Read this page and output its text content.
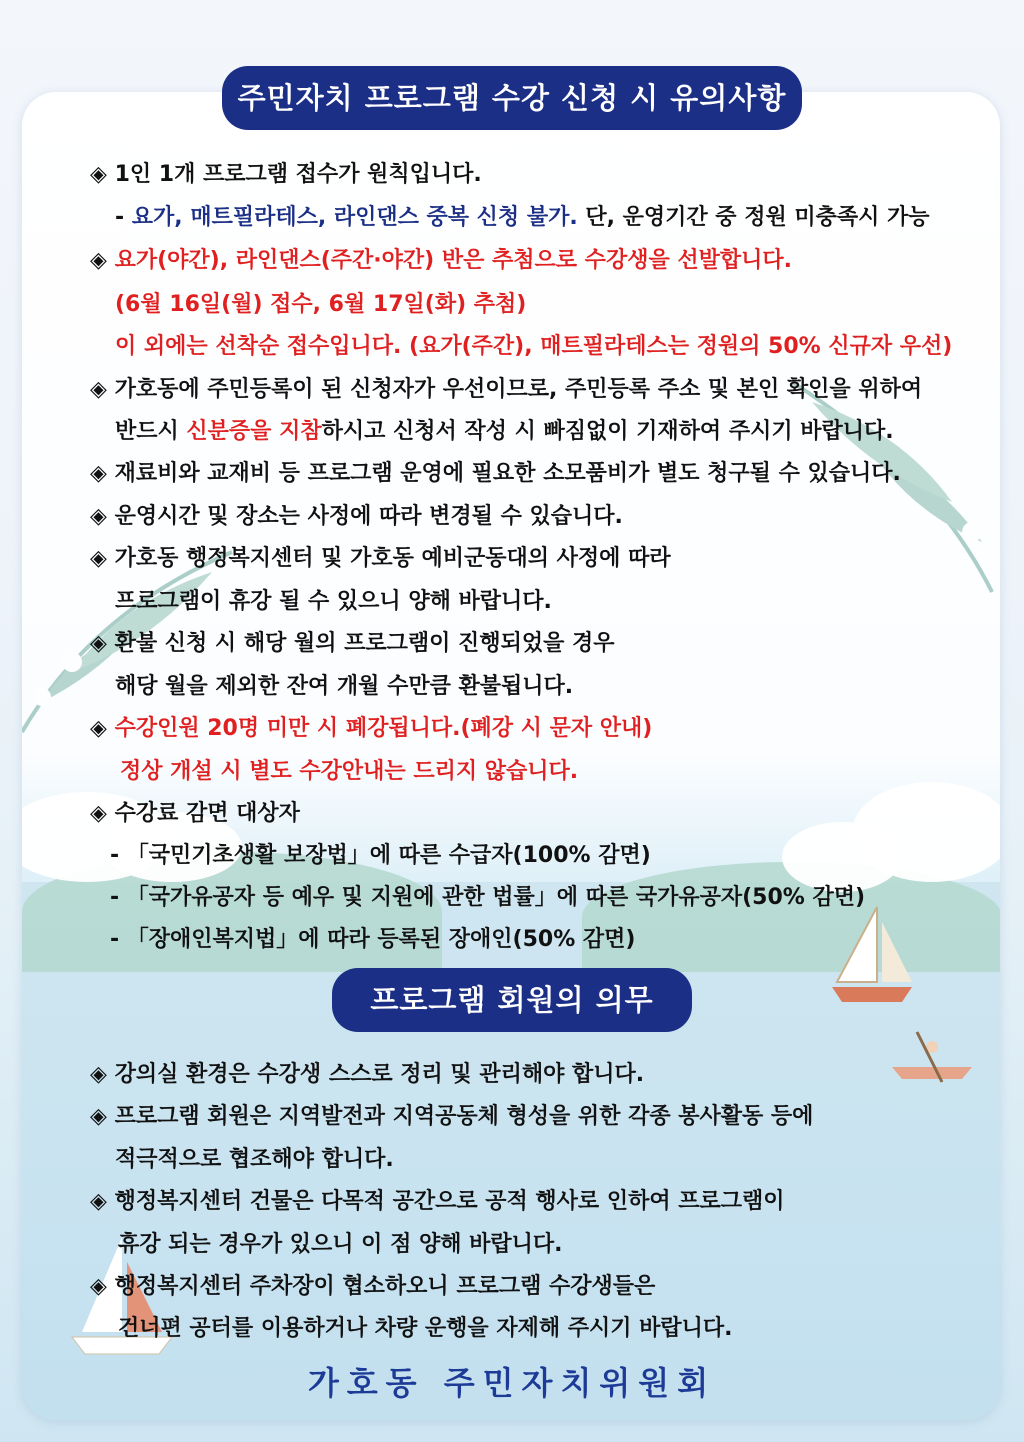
주민자치 프로그램 수강 신청 시 유의사항
◈ 1인 1개 프로그램 접수가 원칙입니다.
- 요가, 매트필라테스, 라인댄스 중복 신청 불가. 단, 운영기간 중 정원 미충족시 가능
◈ 요가(야간), 라인댄스(주간·야간) 반은 추첨으로 수강생을 선발합니다.
(6월 16일(월) 접수, 6월 17일(화) 추첨)
이 외에는 선착순 접수입니다. (요가(주간), 매트필라테스는 정원의 50% 신규자 우선)
◈ 가호동에 주민등록이 된 신청자가 우선이므로, 주민등록 주소 및 본인 확인을 위하여
반드시 신분증을 지참하시고 신청서 작성 시 빠짐없이 기재하여 주시기 바랍니다.
◈ 재료비와 교재비 등 프로그램 운영에 필요한 소모품비가 별도 청구될 수 있습니다.
◈ 운영시간 및 장소는 사정에 따라 변경될 수 있습니다.
◈ 가호동 행정복지센터 및 가호동 예비군동대의 사정에 따라
프로그램이 휴강 될 수 있으니 양해 바랍니다.
◈ 환불 신청 시 해당 월의 프로그램이 진행되었을 경우
해당 월을 제외한 잔여 개월 수만큼 환불됩니다.
◈ 수강인원 20명 미만 시 폐강됩니다.(폐강 시 문자 안내)
정상 개설 시 별도 수강안내는 드리지 않습니다.
◈ 수강료 감면 대상자
- 「국민기초생활 보장법」에 따른 수급자(100% 감면)
- 「국가유공자 등 예우 및 지원에 관한 법률」에 따른 국가유공자(50% 감면)
- 「장애인복지법」에 따라 등록된 장애인(50% 감면)
프로그램 회원의 의무
◈ 강의실 환경은 수강생 스스로 정리 및 관리해야 합니다.
◈ 프로그램 회원은 지역발전과 지역공동체 형성을 위한 각종 봉사활동 등에
적극적으로 협조해야 합니다.
◈ 행정복지센터 건물은 다목적 공간으로 공적 행사로 인하여 프로그램이
휴강 되는 경우가 있으니 이 점 양해 바랍니다.
◈ 행정복지센터 주차장이 협소하오니 프로그램 수강생들은
건너편 공터를 이용하거나 차량 운행을 자제해 주시기 바랍니다.
가호동 주민자치위원회
